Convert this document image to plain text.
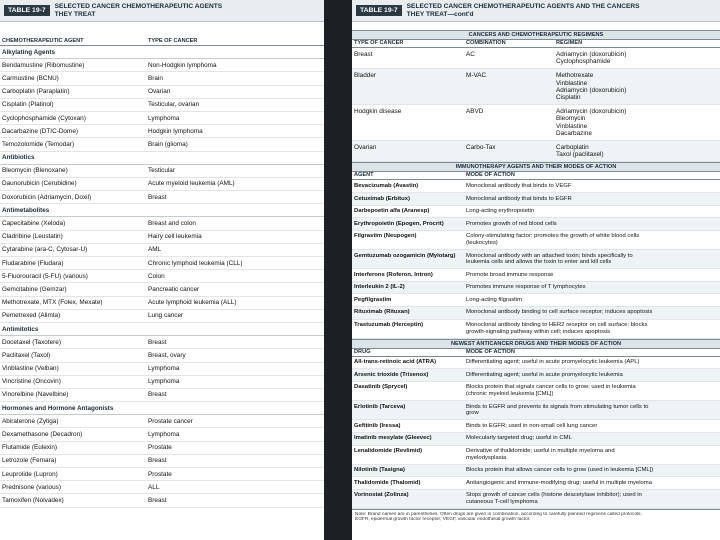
TABLE 19-7
SELECTED CANCER CHEMOTHERAPEUTIC AGENTS
THEY TREAT
CHEMOTHERAPEUTIC AGENT	TYPE OF CANCER
Alkylating Agents
Bendamustine (Ribomustine)	Non-Hodgkin lymphoma
Carmustine (BCNU)	Brain
Carboplatin (Paraplatin)	Ovarian
Cisplatin (Platinol)	Testicular, ovarian
Cyclophosphamide (Cytoxan)	Lymphoma
Dacarbazine (DTIC-Dome)	Hodgkin lymphoma
Temozolomide (Temodar)	Brain (glioma)
Antibiotics
Bleomycin (Blenoxane)	Testicular
Daunorubicin (Cerubidine)	Acute myeloid leukemia (AML)
Doxorubicin (Adriamycin, Doxil)	Breast
Antimetabolites
Capecitabine (Xeloda)	Breast and colon
Cladribine (Leustatin)	Hairy cell leukemia
Cytarabine (ara-C, Cytosar-U)	AML
Fludarabine (Fludara)	Chronic lymphoid leukemia (CLL)
5-Fluorouracil (5-FU) (various)	Colon
Gemcitabine (Gemzar)	Pancreatic cancer
Methotrexate, MTX (Folex, Mexate)	Acute lymphoid leukemia (ALL)
Pemetrexed (Alimta)	Lung cancer
Antimitotics
Docetaxel (Taxotere)	Breast
Paclitaxel (Taxol)	Breast, ovary
Vinblastine (Velban)	Lymphoma
Vincristine (Oncovin)	Lymphoma
Vinorelbine (Navelbine)	Breast
Hormones and Hormone Antagonists
Abiraterone (Zytiga)	Prostate cancer
Dexamethasone (Decadron)	Lymphoma
Flutamide (Eulexin)	Prostate
Letrozole (Femara)	Breast
Leuprolide (Lupron)	Prostate
Prednisone (various)	ALL
Tamoxifen (Nolvadex)	Breast
TABLE 19-7
SELECTED CANCER CHEMOTHERAPEUTIC AGENTS AND THE CANCERS
THEY TREAT—cont'd
CANCERS AND CHEMOTHERAPEUTIC REGIMENS
TYPE OF CANCER	COMBINATION	REGIMEN
Breast	AC	Adriamycin (doxorubicin)
Cyclophosphamide
Bladder	M-VAC	Methotrexate
Vinblastine
Adriamycin (doxorubicin)
Cisplatin
Hodgkin disease	ABVD	Adriamycin (doxorubicin)
Bleomycin
Vinblastine
Dacarbazine
Ovarian	Carbo-Tax	Carboplatin
Taxol (paclitaxel)
IMMUNOTHERAPY AGENTS AND THEIR MODES OF ACTION
AGENT	MODE OF ACTION
Bevacizumab (Avastin)	Monoclonal antibody that binds to VEGF
Cetuximab (Erbitux)	Monoclonal antibody that binds to EGFR
Darbepoetin alfa (Aranesp)	Long-acting erythropoietin
Erythropoietin (Epogen, Procrit)	Promotes growth of red blood cells
Filgrastim (Neupogen)	Colony-stimulating factor; promotes the growth of white blood cells
(leukocytes)
Gemtuzumab ozogamicin (Mylotarg)	Monoclonal antibody with an attached toxin; binds specifically to
leukemia cells and allows the toxin to enter and kill cells
Interferons (Roferon, Intron)	Promote broad immune response
Interleukin 2 (IL-2)	Promotes immune response of T lymphocytes
Pegfilgrastim	Long-acting filgrastim
Rituximab (Rituxan)	Monoclonal antibody binding to cell surface receptor; induces apoptosis
Trastuzumab (Herceptin)	Monoclonal antibody binding to HER2 receptor on cell surface; blocks
growth-signaling pathway within cell; induces apoptosis
NEWEST ANTICANCER DRUGS AND THEIR MODES OF ACTION
DRUG	MODE OF ACTION
All-trans-retinoic acid (ATRA)	Differentiating agent; useful in acute promyelocytic leukemia (APL)
Arsenic trioxide (Trisenox)	Differentiating agent; useful in acute promyelocytic leukemia
Dasatinib (Sprycel)	Blocks protein that signals cancer cells to grow; used in leukemia
(chronic myeloid leukemia [CML])
Erlotinib (Tarceva)	Binds to EGFR and prevents its signals from stimulating tumor cells to
grow
Gefitinib (Iressa)	Binds to EGFR; used in non-small cell lung cancer
Imatinib mesylate (Gleevec)	Molecularly targeted drug; useful in CML
Lenalidomide (Revlimid)	Derivative of thalidomide; useful in multiple myeloma and
myelodysplasia
Nilotinib (Tasigna)	Blocks protein that allows cancer cells to grow (used in leukemia [CML])
Thalidomide (Thalomid)	Antiangiogenic and immune-modifying drug; useful in multiple myeloma
Vorinostat (Zolinza)	Stops growth of cancer cells (histone deacetylase inhibitor); used in
cutaneous T-cell lymphoma
Note: Brand names are in parentheses. Often drugs are given in combination, according to carefully planned regimens called protocols.
EGFR, epidermal growth factor receptor; VEGF, vascular endothelial growth factor.
